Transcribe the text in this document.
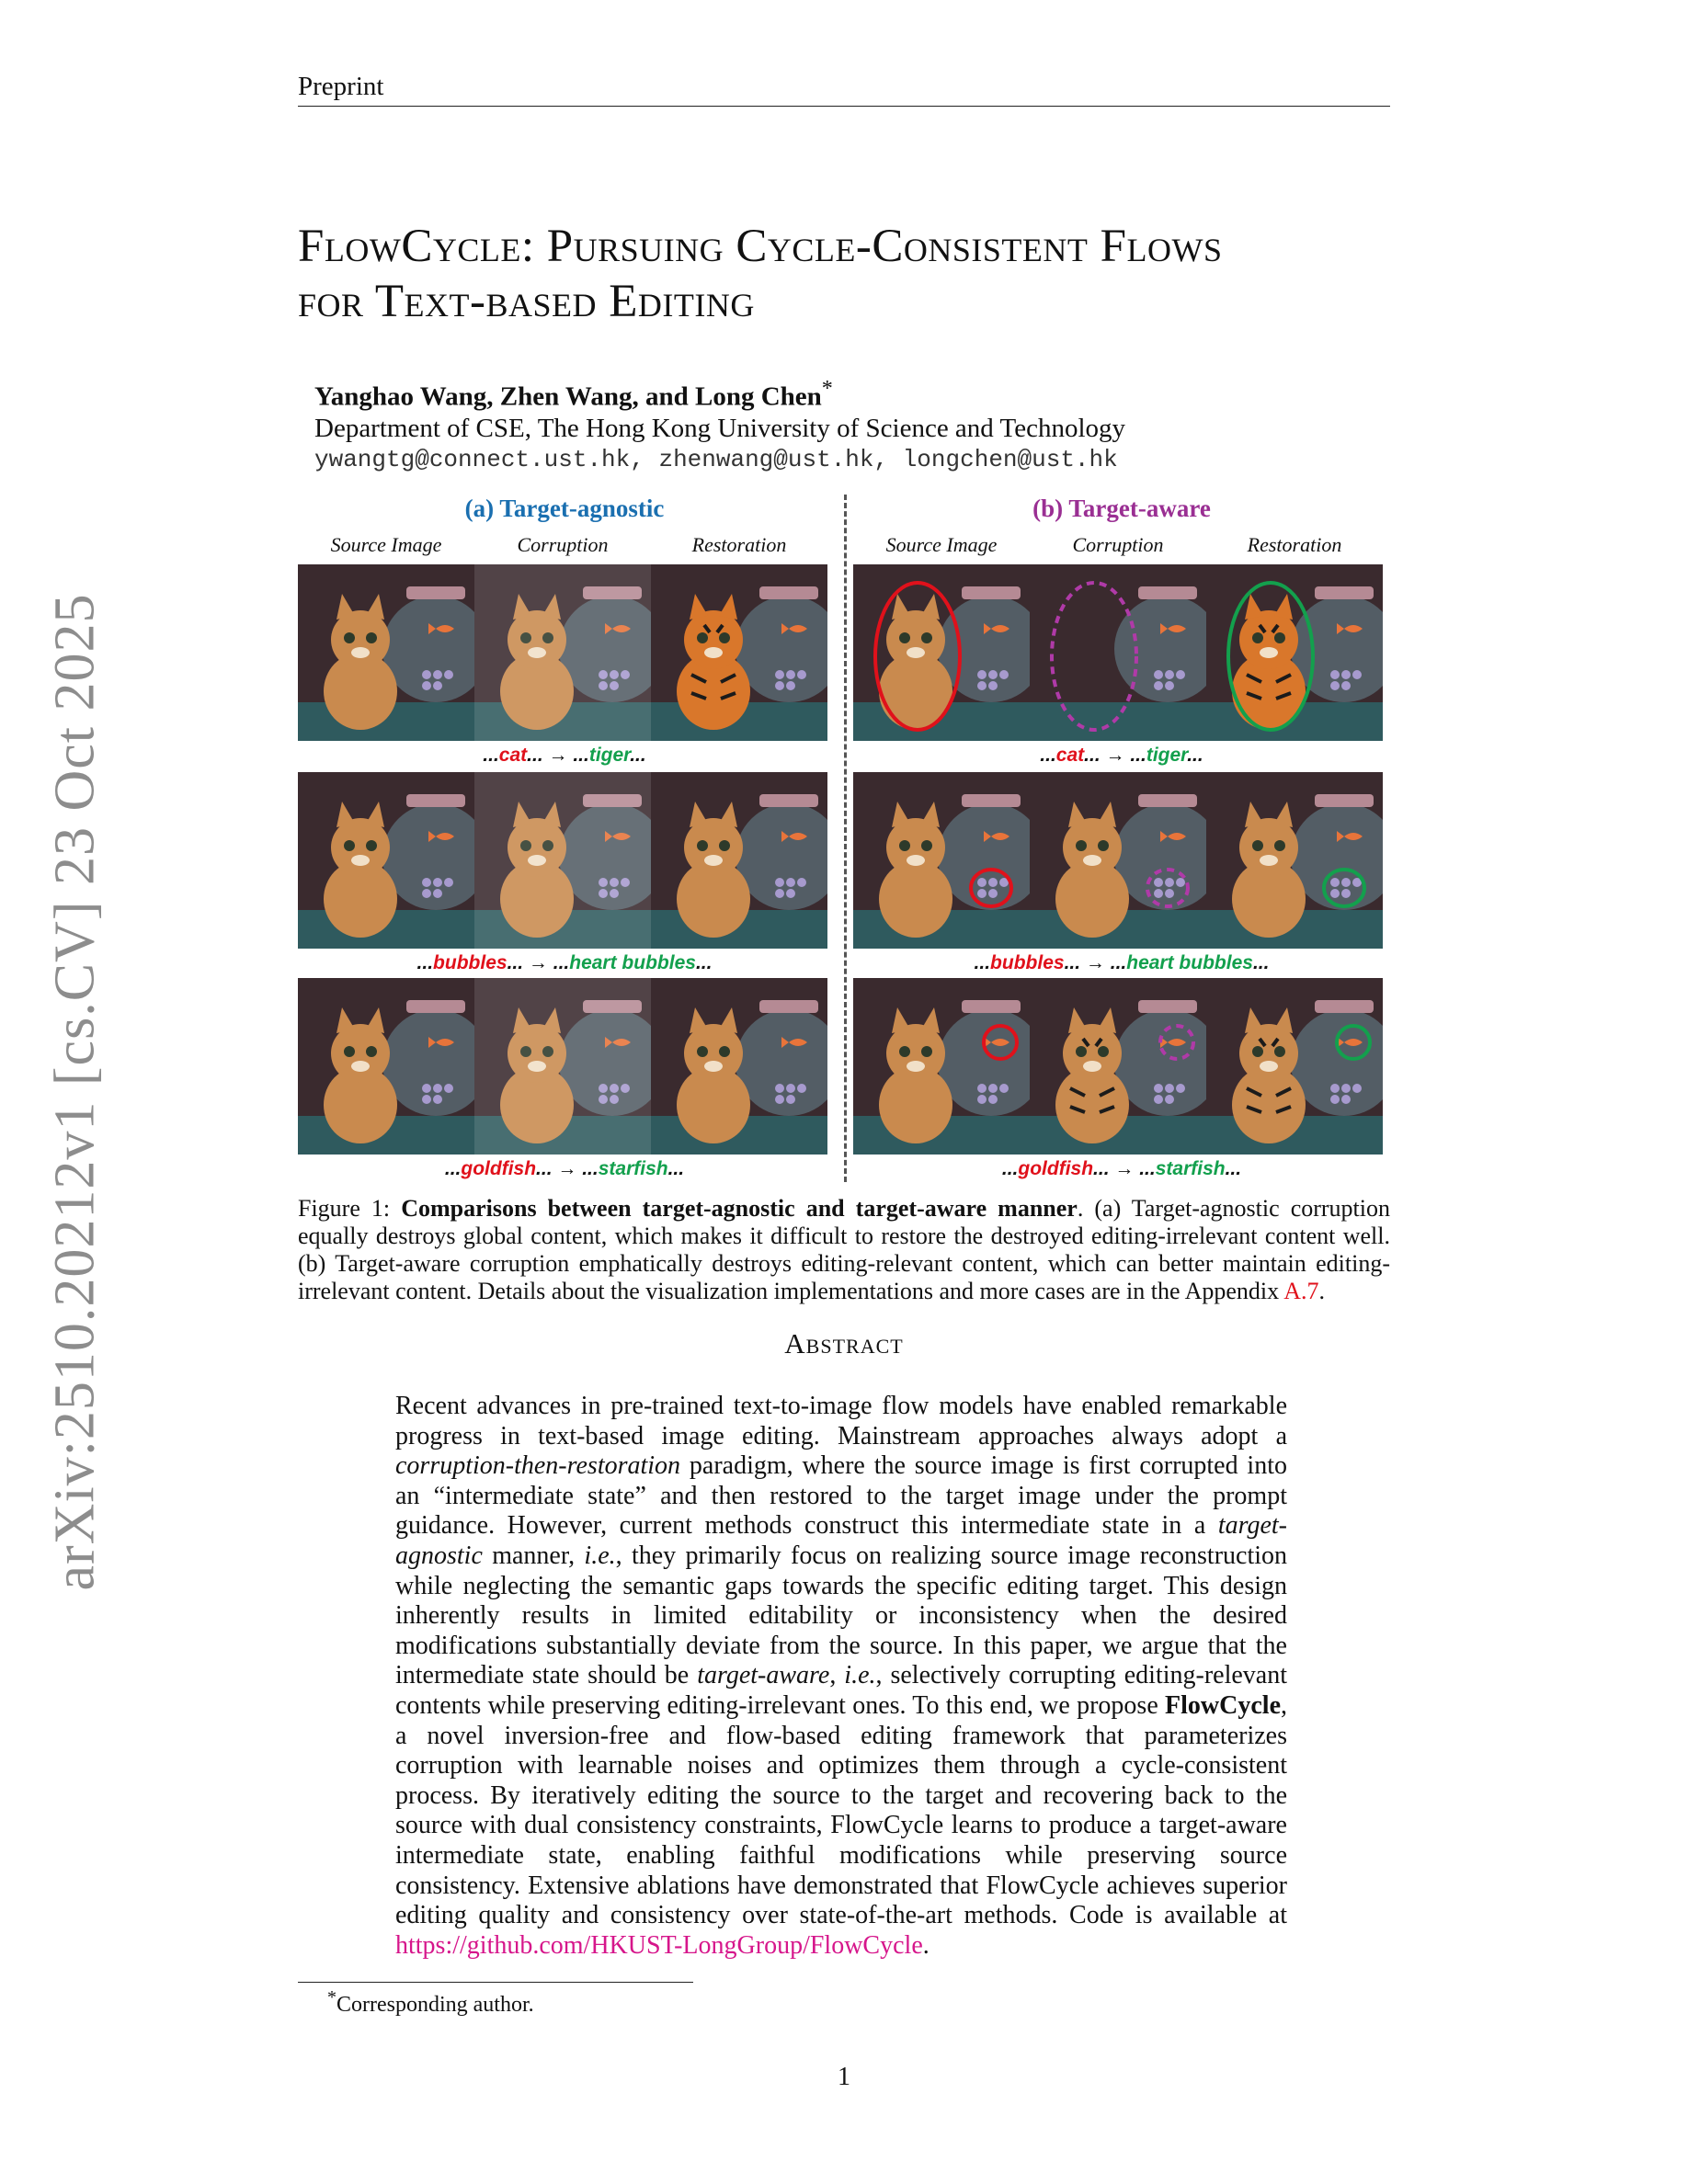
Preprint
arXiv:2510.20212v1 [cs.CV] 23 Oct 2025
FlowCycle: Pursuing Cycle-Consistent Flows
for Text-based Editing
Yanghao Wang, Zhen Wang, and Long Chen*
Department of CSE, The Hong Kong University of Science and Technology
ywangtg@connect.ust.hk, zhenwang@ust.hk, longchen@ust.hk
(a) Target-agnostic	(b) Target-aware
Source Image	Corruption	Restoration	Source Image	Corruption	Restoration
...cat... → ...tiger...	...cat... → ...tiger...
...bubbles... → ...heart bubbles...	...bubbles... → ...heart bubbles...
...goldfish... → ...starfish...	...goldfish... → ...starfish...
Figure 1: Comparisons between target-agnostic and target-aware manner. (a) Target-agnostic corruption equally destroys global content, which makes it difficult to restore the destroyed editing-irrelevant content well. (b) Target-aware corruption emphatically destroys editing-relevant content, which can better maintain editing-irrelevant content. Details about the visualization implementations and more cases are in the Appendix A.7.
Abstract
Recent advances in pre-trained text-to-image flow models have enabled remarkable progress in text-based image editing. Mainstream approaches always adopt a corruption-then-restoration paradigm, where the source image is first corrupted into an “intermediate state” and then restored to the target image under the prompt guidance. However, current methods construct this intermediate state in a target-agnostic manner, i.e., they primarily focus on realizing source image reconstruction while neglecting the semantic gaps towards the specific editing target. This design inherently results in limited editability or inconsistency when the desired modifications substantially deviate from the source. In this paper, we argue that the intermediate state should be target-aware, i.e., selectively corrupting editing-relevant contents while preserving editing-irrelevant ones. To this end, we propose FlowCycle, a novel inversion-free and flow-based editing framework that parameterizes corruption with learnable noises and optimizes them through a cycle-consistent process. By iteratively editing the source to the target and recovering back to the source with dual consistency constraints, FlowCycle learns to produce a target-aware intermediate state, enabling faithful modifications while preserving source consistency. Extensive ablations have demonstrated that FlowCycle achieves superior editing quality and consistency over state-of-the-art methods. Code is available at https://github.com/HKUST-LongGroup/FlowCycle.
*Corresponding author.
1
